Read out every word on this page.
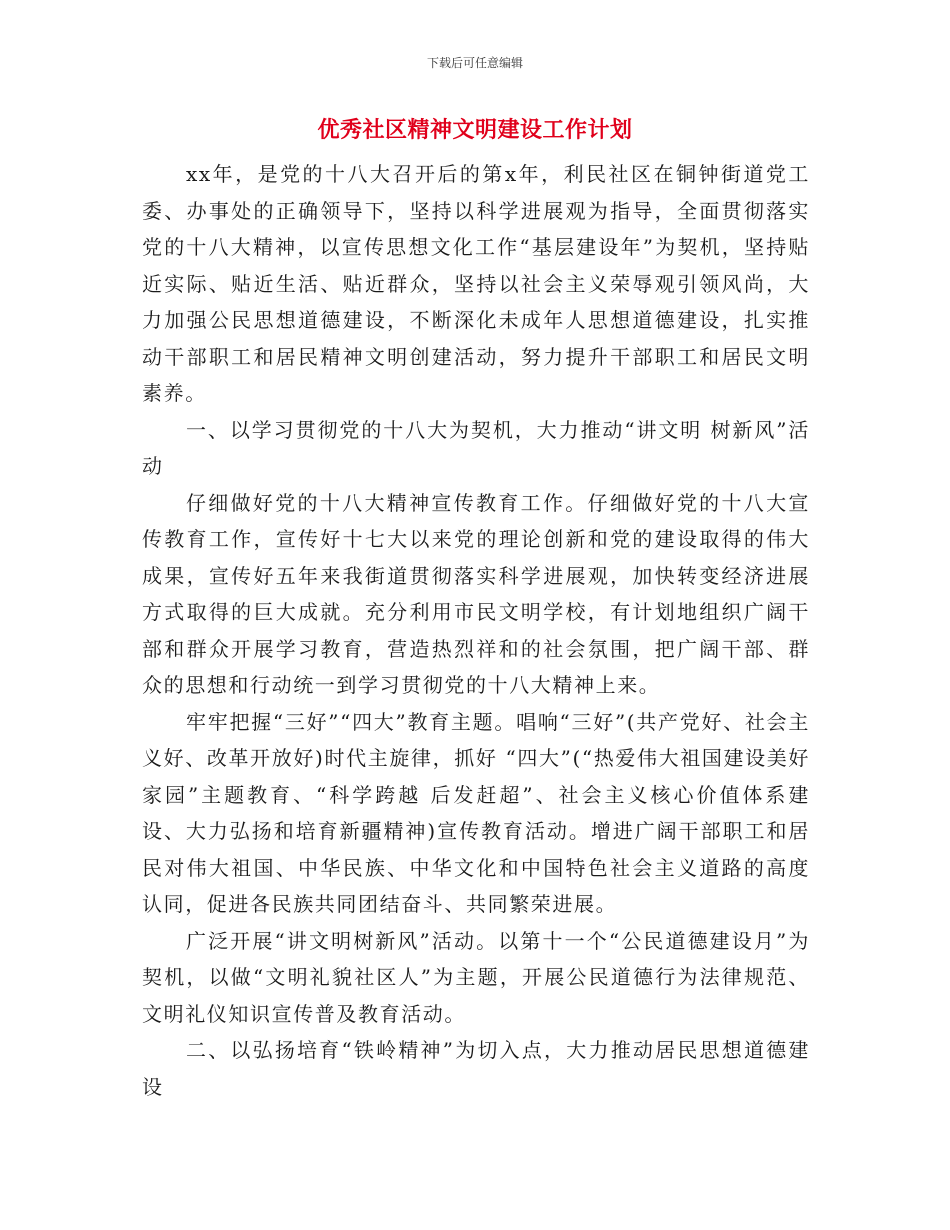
下载后可任意编辑
优秀社区精神文明建设工作计划

xx年，是党的十八大召开后的第x年，利民社区在铜钟街道党工委、办事处的正确领导下，坚持以科学进展观为指导，全面贯彻落实党的十八大精神，以宣传思想文化工作“基层建设年”为契机，坚持贴近实际、贴近生活、贴近群众，坚持以社会主义荣辱观引领风尚，大力加强公民思想道德建设，不断深化未成年人思想道德建设，扎实推动干部职工和居民精神文明创建活动，努力提升干部职工和居民文明素养。

一、以学习贯彻党的十八大为契机，大力推动“讲文明 树新风”活动

仔细做好党的十八大精神宣传教育工作。仔细做好党的十八大宣传教育工作，宣传好十七大以来党的理论创新和党的建设取得的伟大成果，宣传好五年来我街道贯彻落实科学进展观，加快转变经济进展方式取得的巨大成就。充分利用市民文明学校，有计划地组织广阔干部和群众开展学习教育，营造热烈祥和的社会氛围，把广阔干部、群众的思想和行动统一到学习贯彻党的十八大精神上来。

牢牢把握“三好”“四大”教育主题。唱响“三好”(共产党好、社会主义好、改革开放好)时代主旋律，抓好 “四大”(“热爱伟大祖国建设美好家园”主题教育、“科学跨越 后发赶超”、社会主义核心价值体系建设、大力弘扬和培育新疆精神)宣传教育活动。增进广阔干部职工和居民对伟大祖国、中华民族、中华文化和中国特色社会主义道路的高度认同，促进各民族共同团结奋斗、共同繁荣进展。

广泛开展“讲文明树新风”活动。以第十一个“公民道德建设月”为契机，以做“文明礼貌社区人”为主题，开展公民道德行为法律规范、文明礼仪知识宣传普及教育活动。

二、以弘扬培育“铁岭精神”为切入点，大力推动居民思想道德建设
